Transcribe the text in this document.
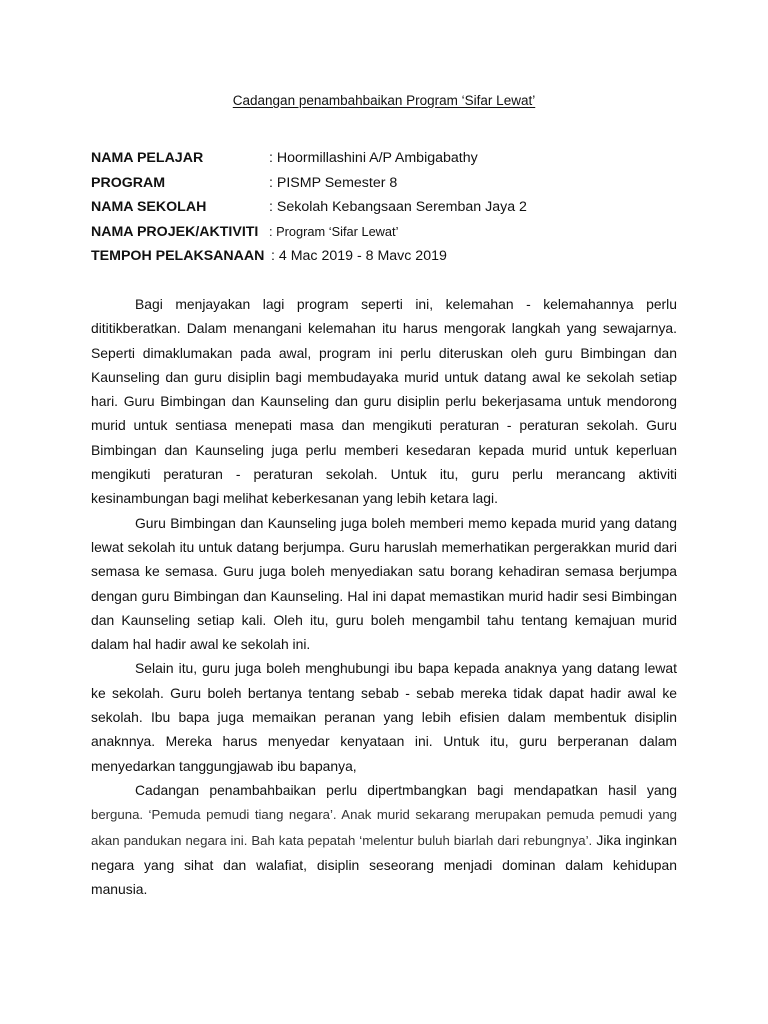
Cadangan penambahbaikan Program ‘Sifar Lewat’
NAMA PELAJAR	: Hoormillashini A/P Ambigabathy
PROGRAM	: PISMP Semester 8
NAMA SEKOLAH	: Sekolah Kebangsaan Seremban Jaya 2
NAMA PROJEK/AKTIVITI : Program ‘Sifar Lewat’
TEMPOH PELAKSANAAN : 4 Mac 2019 - 8 Mavc 2019

Bagi menjayakan lagi program seperti ini, kelemahan - kelemahannya perlu dititikberatkan. Dalam menangani kelemahan itu harus mengorak langkah yang sewajarnya. Seperti dimaklumakan pada awal, program ini perlu diteruskan oleh guru Bimbingan dan Kaunseling dan guru disiplin bagi membudayaka murid untuk datang awal ke sekolah setiap hari. Guru Bimbingan dan Kaunseling dan guru disiplin perlu bekerjasama untuk mendorong murid untuk sentiasa menepati masa dan mengikuti peraturan - peraturan sekolah. Guru Bimbingan dan Kaunseling juga perlu memberi kesedaran kepada murid untuk keperluan mengikuti peraturan - peraturan sekolah. Untuk itu, guru perlu merancang aktiviti kesinambungan bagi melihat keberkesanan yang lebih ketara lagi.

Guru Bimbingan dan Kaunseling juga boleh memberi memo kepada murid yang datang lewat sekolah itu untuk datang berjumpa. Guru haruslah memerhatikan pergerakkan murid dari semasa ke semasa. Guru juga boleh menyediakan satu borang kehadiran semasa berjumpa dengan guru Bimbingan dan Kaunseling. Hal ini dapat memastikan murid hadir sesi Bimbingan dan Kaunseling setiap kali. Oleh itu, guru boleh mengambil tahu tentang kemajuan murid dalam hal hadir awal ke sekolah ini.

Selain itu, guru juga boleh menghubungi ibu bapa kepada anaknya yang datang lewat ke sekolah. Guru boleh bertanya tentang sebab - sebab mereka tidak dapat hadir awal ke sekolah. Ibu bapa juga memaikan peranan yang lebih efisien dalam membentuk disiplin anaknnya. Mereka harus menyedar kenyataan ini. Untuk itu, guru berperanan dalam menyedarkan tanggungjawab ibu bapanya,

Cadangan penambahbaikan perlu dipertmbangkan bagi mendapatkan hasil yang berguna. ‘Pemuda pemudi tiang negara’. Anak murid sekarang merupakan pemuda pemudi yang akan pandukan negara ini. Bah kata pepatah ‘melentur buluh biarlah dari rebungnya’. Jika inginkan negara yang sihat dan walafiat, disiplin seseorang menjadi dominan dalam kehidupan manusia.
